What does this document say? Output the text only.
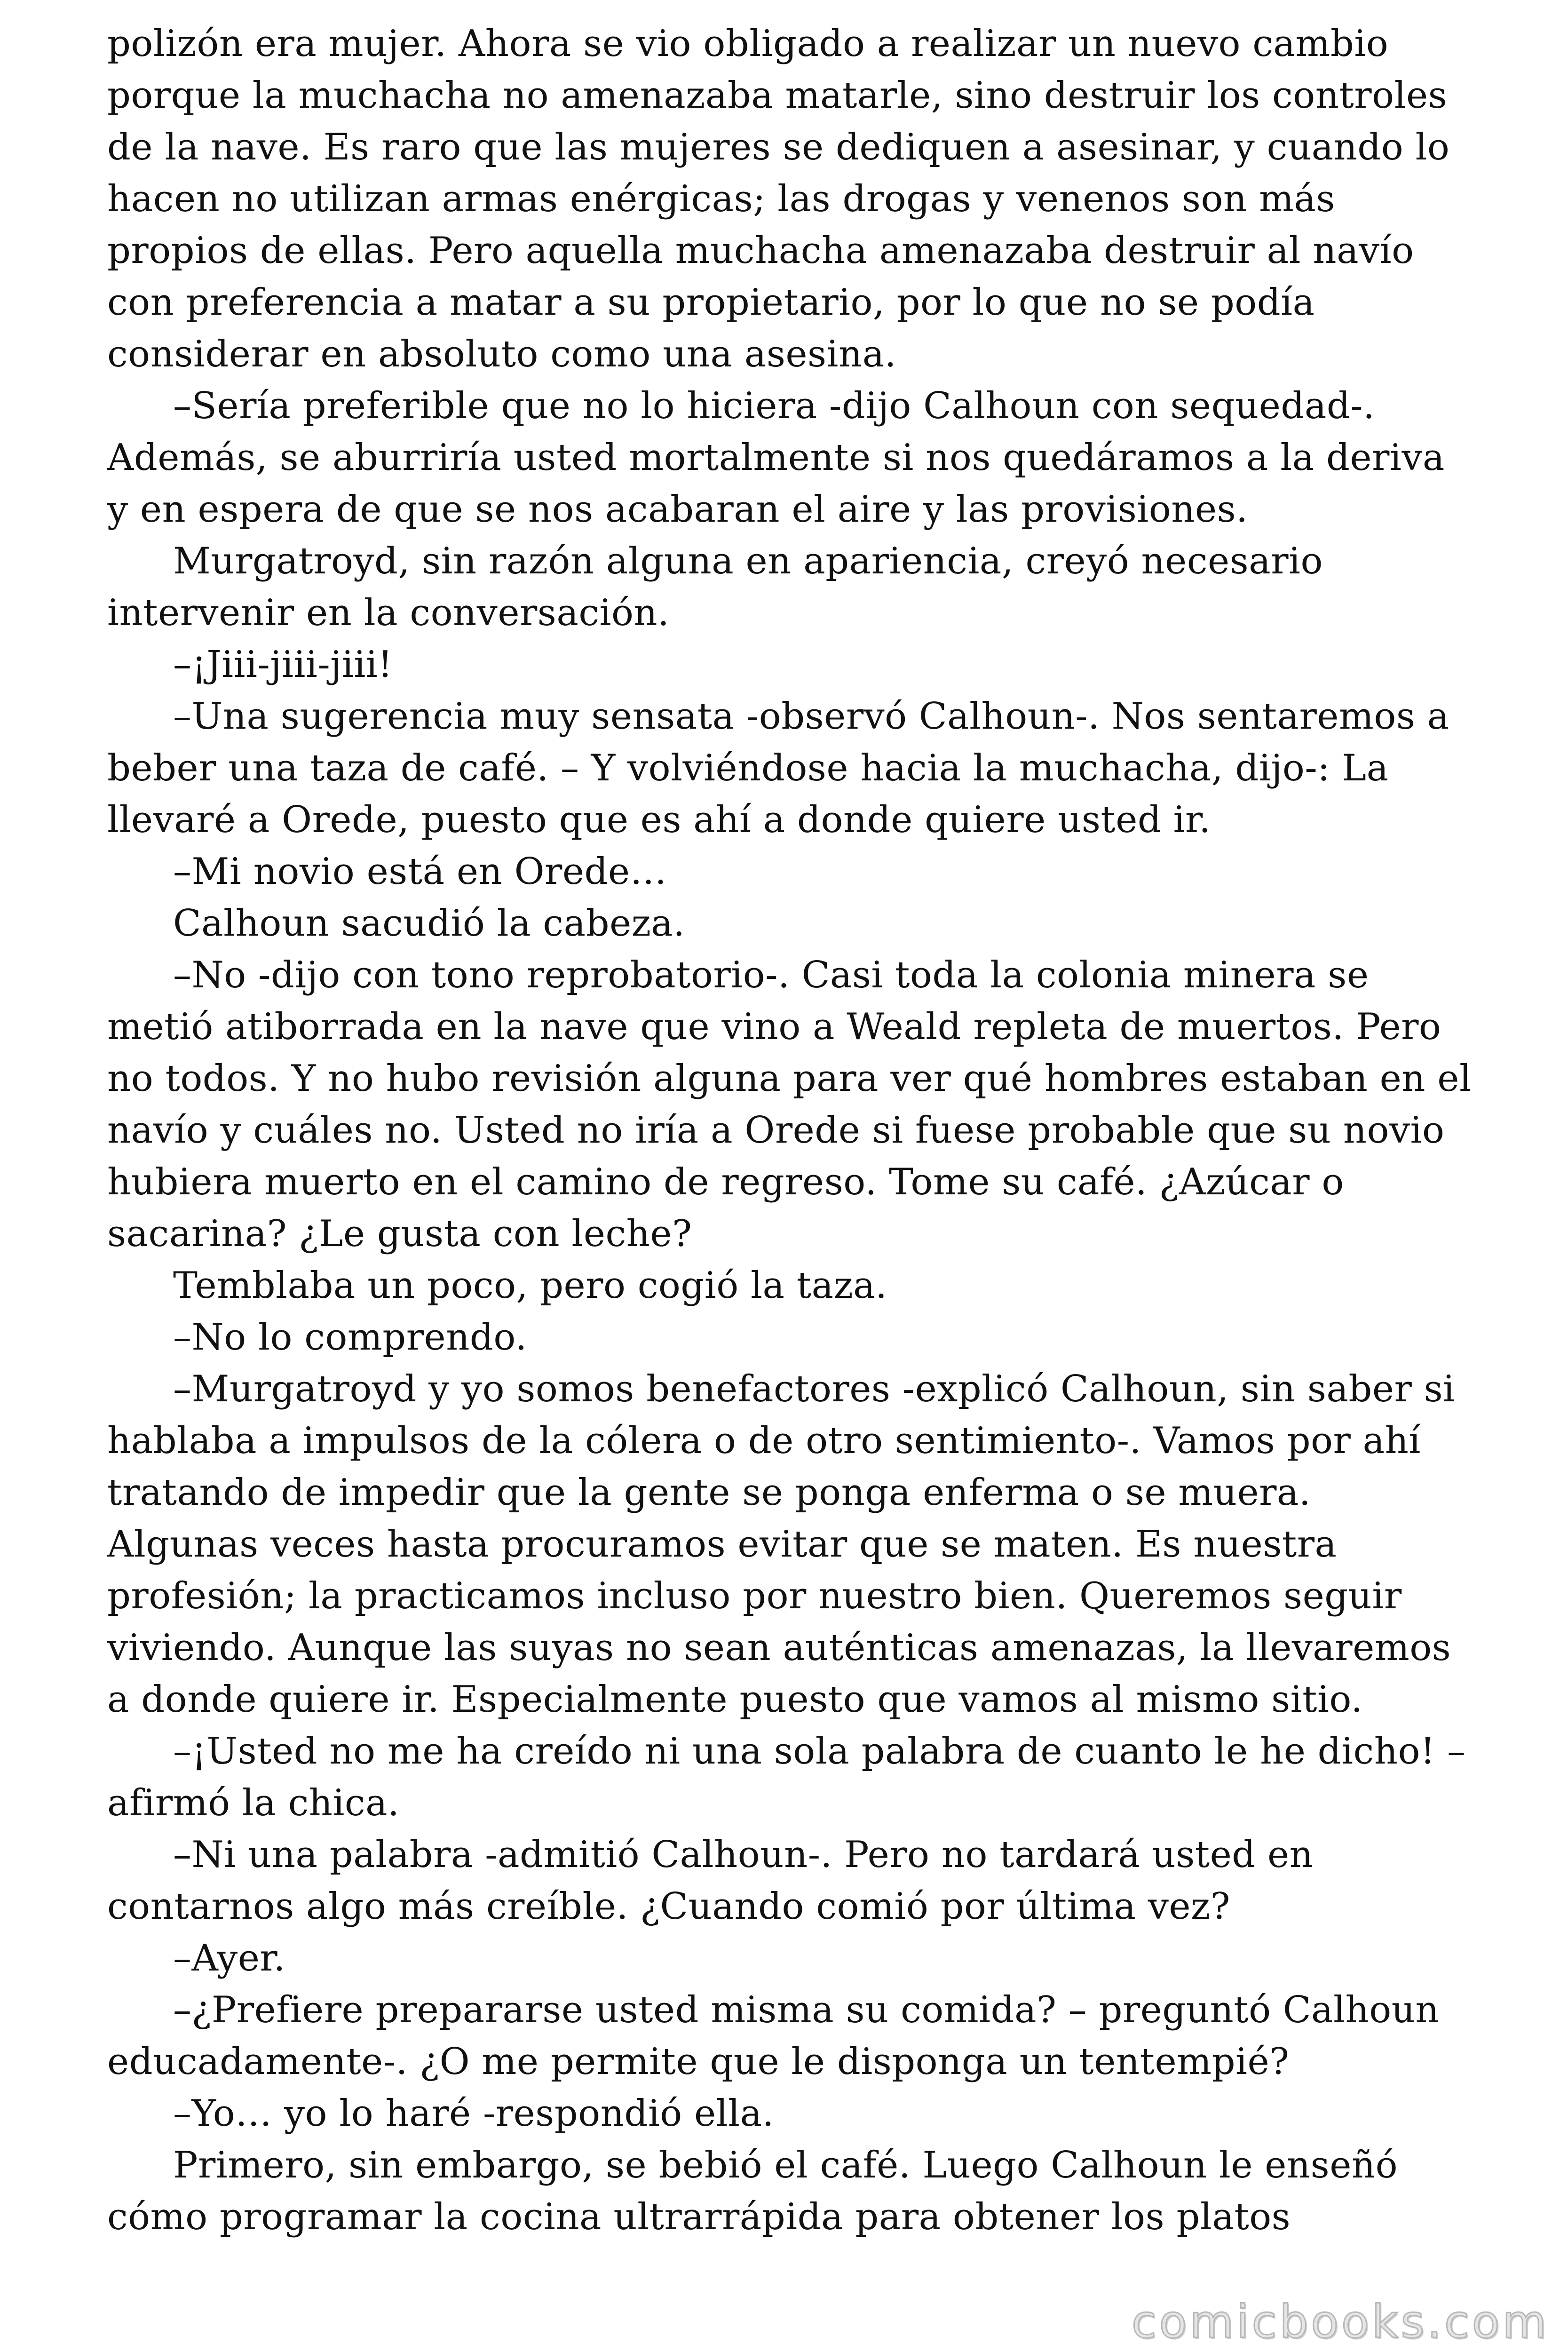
polizón era mujer. Ahora se vio obligado a realizar un nuevo cambio porque la muchacha no amenazaba matarle, sino destruir los controles de la nave. Es raro que las mujeres se dediquen a asesinar, y cuando lo hacen no utilizan armas enérgicas; las drogas y venenos son más propios de ellas. Pero aquella muchacha amenazaba destruir al navío con preferencia a matar a su propietario, por lo que no se podía considerar en absoluto como una asesina.

–Sería preferible que no lo hiciera -dijo Calhoun con sequedad-. Además, se aburriría usted mortalmente si nos quedáramos a la deriva y en espera de que se nos acabaran el aire y las provisiones.

Murgatroyd, sin razón alguna en apariencia, creyó necesario intervenir en la conversación.

–¡Jiii-jiii-jiii!

–Una sugerencia muy sensata -observó Calhoun-. Nos sentaremos a beber una taza de café. – Y volviéndose hacia la muchacha, dijo-: La llevaré a Orede, puesto que es ahí a donde quiere usted ir.

–Mi novio está en Orede…

Calhoun sacudió la cabeza.

–No -dijo con tono reprobatorio-. Casi toda la colonia minera se metió atiborrada en la nave que vino a Weald repleta de muertos. Pero no todos. Y no hubo revisión alguna para ver qué hombres estaban en el navío y cuáles no. Usted no iría a Orede si fuese probable que su novio hubiera muerto en el camino de regreso. Tome su café. ¿Azúcar o sacarina? ¿Le gusta con leche?

Temblaba un poco, pero cogió la taza.

–No lo comprendo.

–Murgatroyd y yo somos benefactores -explicó Calhoun, sin saber si hablaba a impulsos de la cólera o de otro sentimiento-. Vamos por ahí tratando de impedir que la gente se ponga enferma o se muera. Algunas veces hasta procuramos evitar que se maten. Es nuestra profesión; la practicamos incluso por nuestro bien. Queremos seguir viviendo. Aunque las suyas no sean auténticas amenazas, la llevaremos a donde quiere ir. Especialmente puesto que vamos al mismo sitio.

–¡Usted no me ha creído ni una sola palabra de cuanto le he dicho! – afirmó la chica.

–Ni una palabra -admitió Calhoun-. Pero no tardará usted en contarnos algo más creíble. ¿Cuando comió por última vez?

–Ayer.

–¿Prefiere prepararse usted misma su comida? – preguntó Calhoun educadamente-. ¿O me permite que le disponga un tentempié?

–Yo… yo lo haré -respondió ella.

Primero, sin embargo, se bebió el café. Luego Calhoun le enseñó cómo programar la cocina ultrarrápida para obtener los platos

comicbooks.com
